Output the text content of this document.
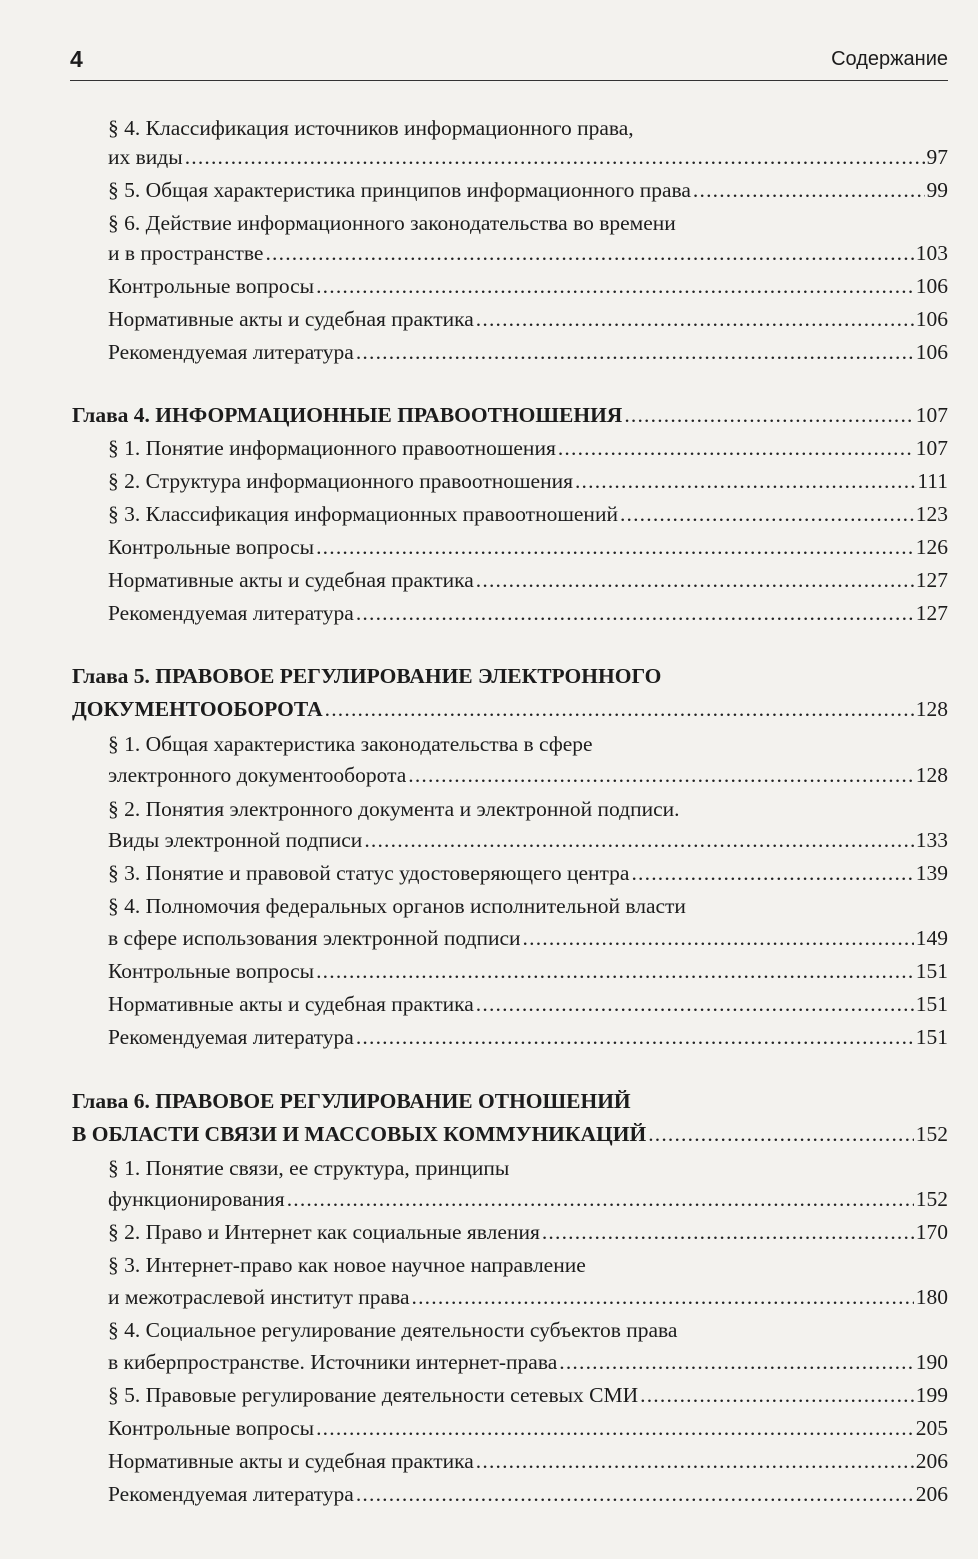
4	Содержание
§ 4. Классификация источников информационного права,
их виды .....	97
§ 5. Общая характеристика принципов информационного права .....	99
§ 6. Действие информационного законодательства во времени
и в пространстве .....	103
Контрольные вопросы .....	106
Нормативные акты и судебная практика .....	106
Рекомендуемая литература .....	106
Глава 4. ИНФОРМАЦИОННЫЕ ПРАВООТНОШЕНИЯ .....	107
§ 1. Понятие информационного правоотношения .....	107
§ 2. Структура информационного правоотношения .....	111
§ 3. Классификация информационных правоотношений .....	123
Контрольные вопросы .....	126
Нормативные акты и судебная практика .....	127
Рекомендуемая литература .....	127
Глава 5. ПРАВОВОЕ РЕГУЛИРОВАНИЕ ЭЛЕКТРОННОГО
ДОКУМЕНТООБОРОТА .....	128
§ 1. Общая характеристика законодательства в сфере
электронного документооборота .....	128
§ 2. Понятия электронного документа и электронной подписи.
Виды электронной подписи .....	133
§ 3. Понятие и правовой статус удостоверяющего центра .....	139
§ 4. Полномочия федеральных органов исполнительной власти
в сфере использования электронной подписи .....	149
Контрольные вопросы .....	151
Нормативные акты и судебная практика .....	151
Рекомендуемая литература .....	151
Глава 6. ПРАВОВОЕ РЕГУЛИРОВАНИЕ ОТНОШЕНИЙ
В ОБЛАСТИ СВЯЗИ И МАССОВЫХ КОММУНИКАЦИЙ .....	152
§ 1. Понятие связи, ее структура, принципы
функционирования .....	152
§ 2. Право и Интернет как социальные явления .....	170
§ 3. Интернет-право как новое научное направление
и межотраслевой институт права .....	180
§ 4. Социальное регулирование деятельности субъектов права
в киберпространстве. Источники интернет-права .....	190
§ 5. Правовые регулирование деятельности сетевых СМИ .....	199
Контрольные вопросы .....	205
Нормативные акты и судебная практика .....	206
Рекомендуемая литература .....	206
